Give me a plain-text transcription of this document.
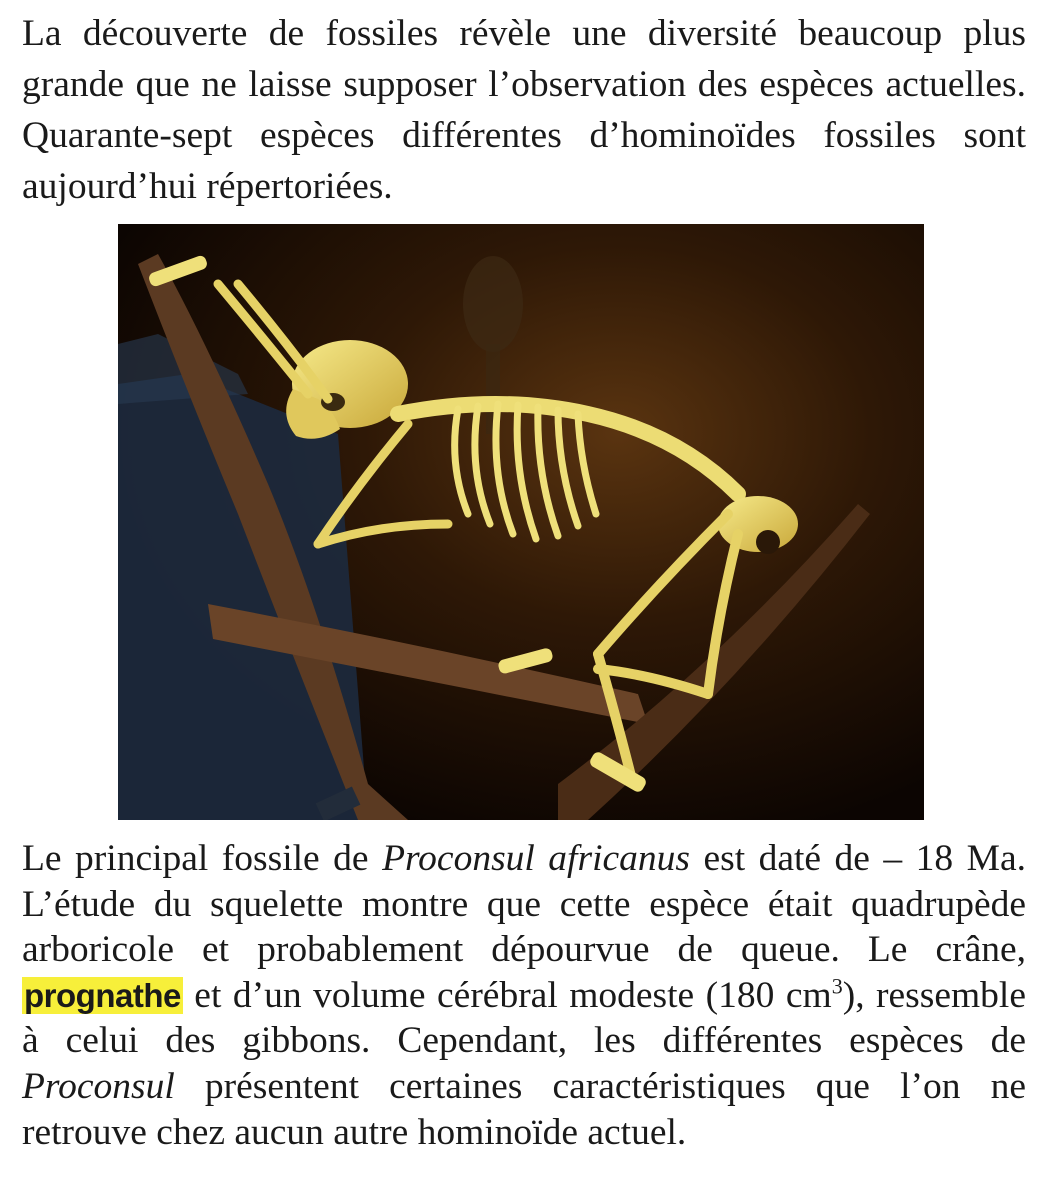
La découverte de fossiles révèle une diversité beaucoup plus grande que ne laisse supposer l’observation des espèces actuelles. Quarante-sept espèces différentes d’hominoïdes fossiles sont aujourd’hui répertoriées.

Le principal fossile de Proconsul africanus est daté de – 18 Ma. L’étude du squelette montre que cette espèce était quadrupède arboricole et probablement dépourvue de queue. Le crâne, prognathe et d’un volume cérébral modeste (180 $cm^3$), ressemble à celui des gibbons. Cependant, les différentes espèces de Proconsul présentent certaines caractéristiques que l’on ne retrouve chez aucun autre hominoïde actuel.
